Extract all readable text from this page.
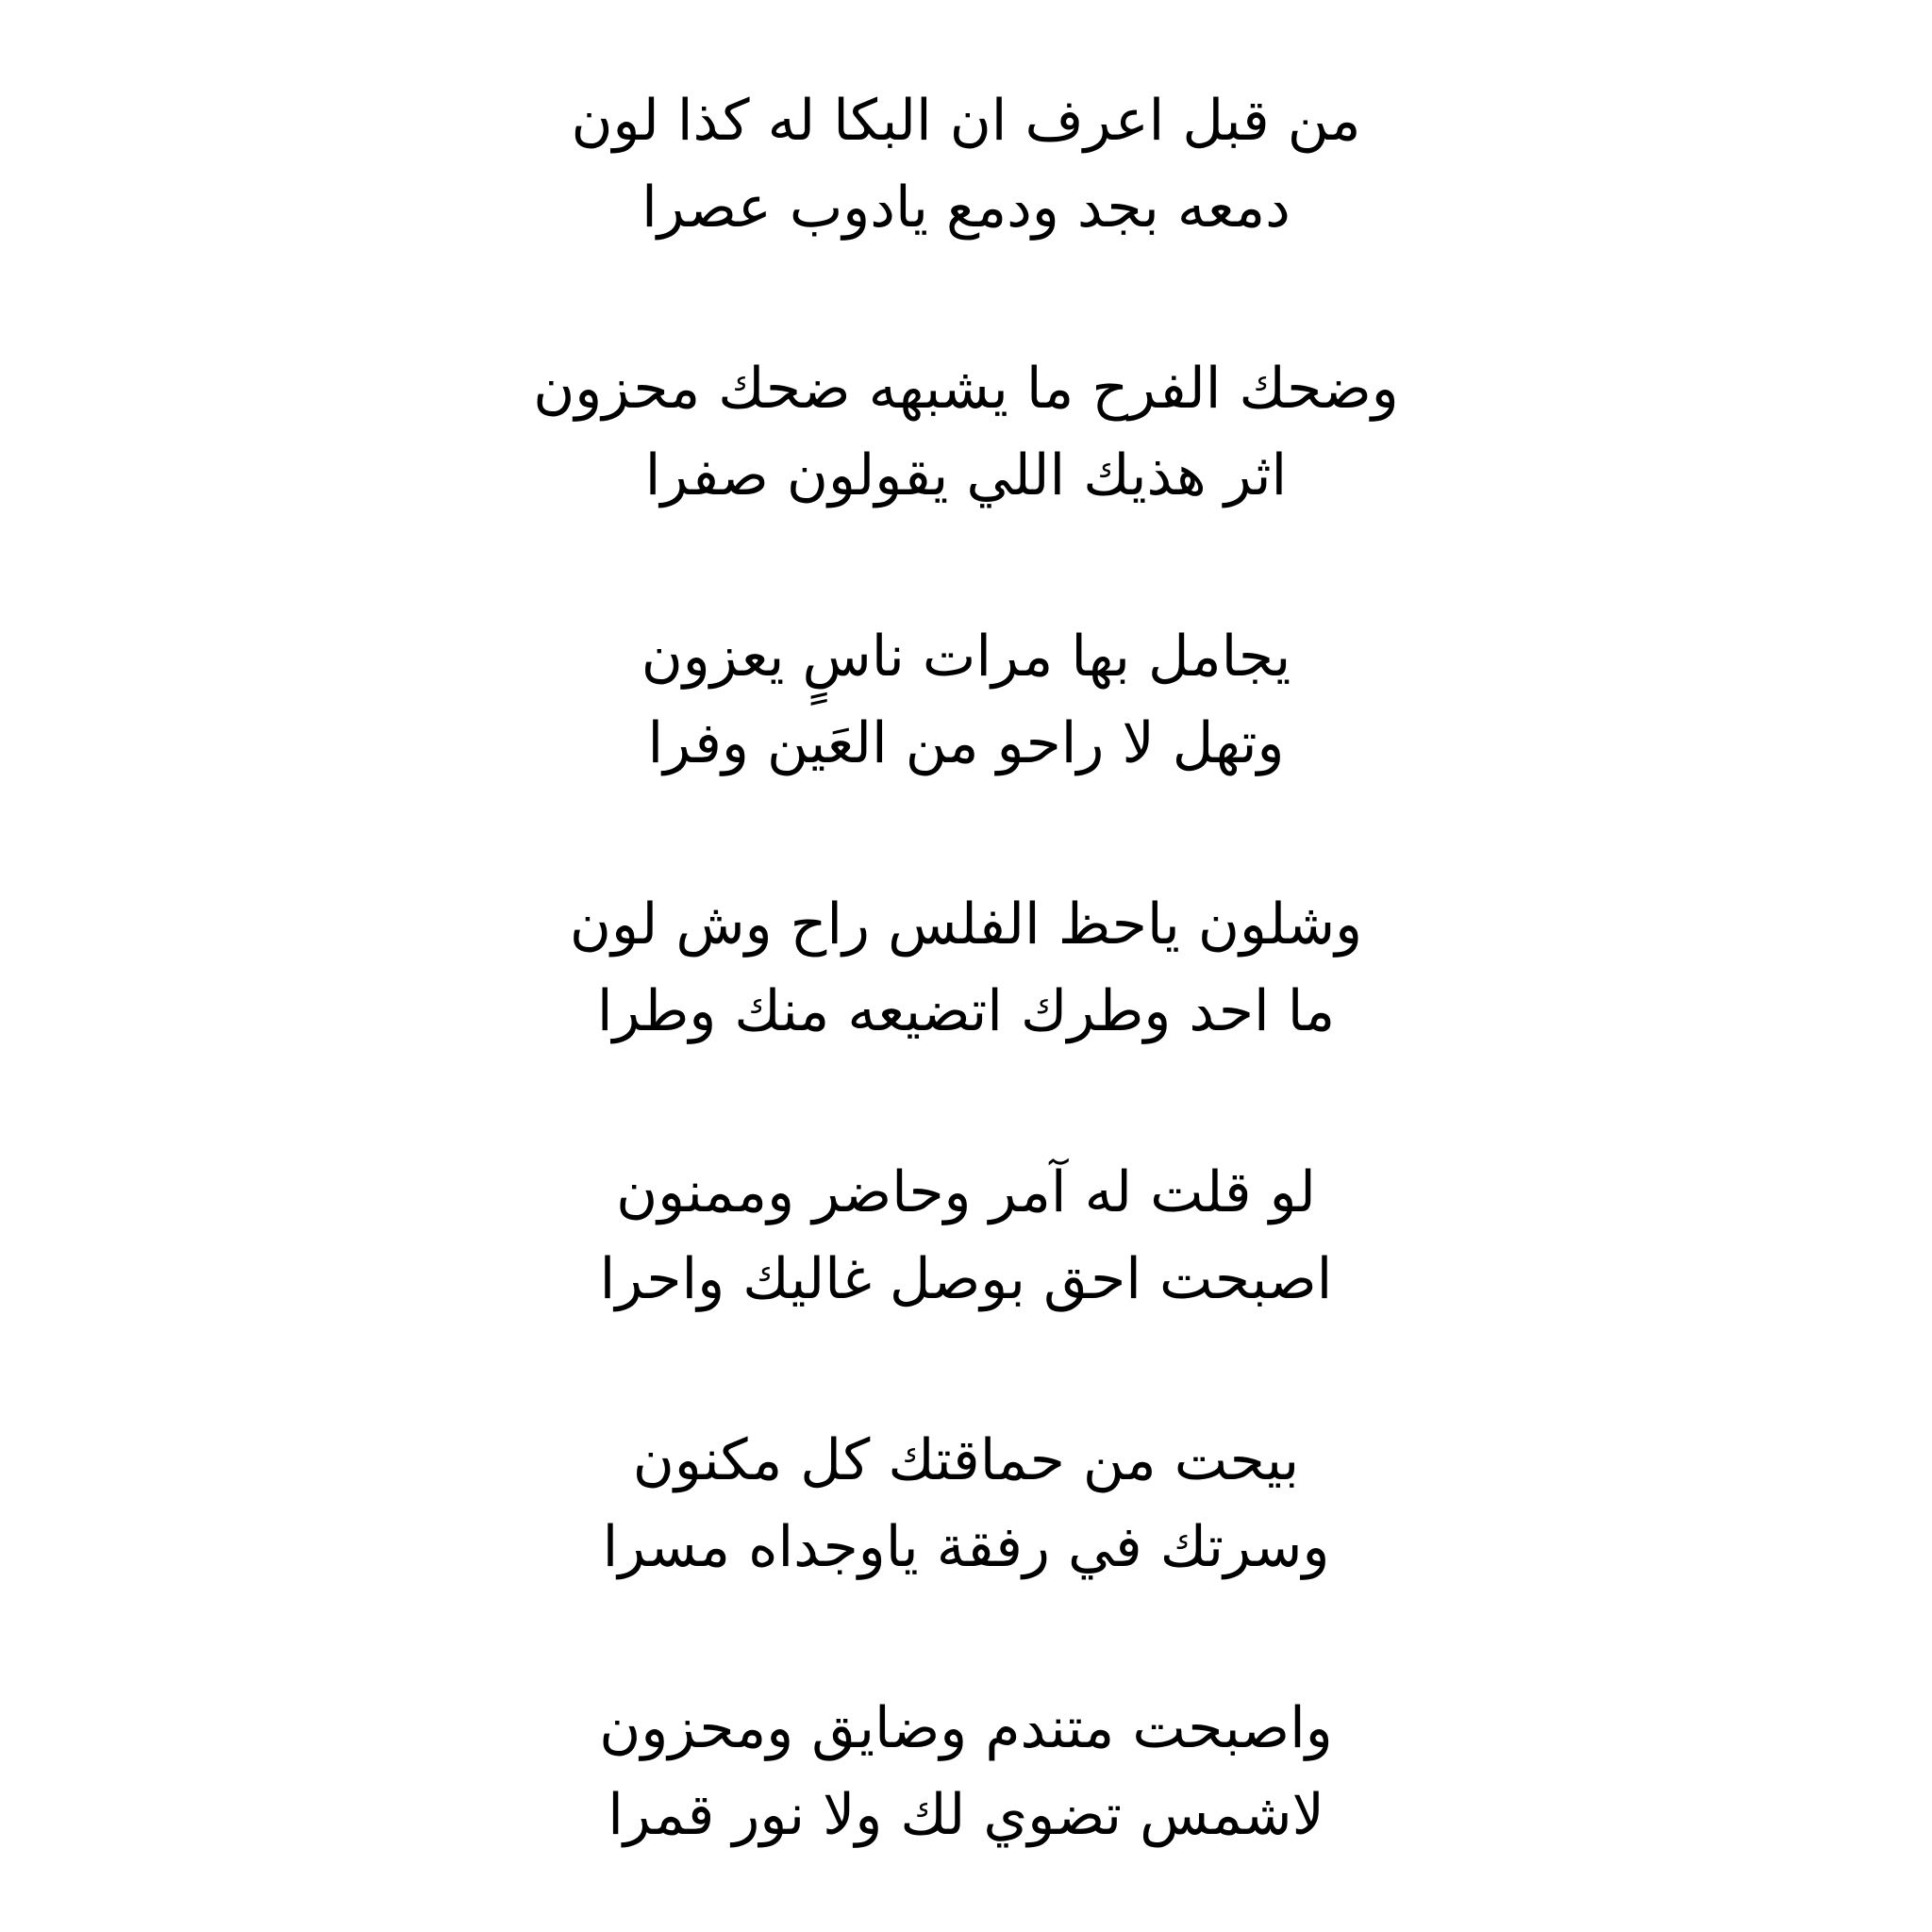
من قبل اعرف ان البكا له كذا لون
دمعه بجد ودمع يادوب عصرا
وضحك الفرح ما يشبهه ضحك محزون
اثر هذيك اللي يقولون صفرا
يجامل بها مرات ناسٍ يعزون
وتهل لا راحو من العَين وفرا
وشلون ياحظ الفلس راح وش لون
ما احد وطرك اتضيعه منك وطرا
لو قلت له آمر وحاضر وممنون
اصبحت احق بوصل غاليك واحرا
بيحت من حماقتك كل مكنون
وسرتك في رفقة ياوجداه مسرا
واصبحت متندم وضايق ومحزون
لاشمس تضوي لك ولا نور قمرا
